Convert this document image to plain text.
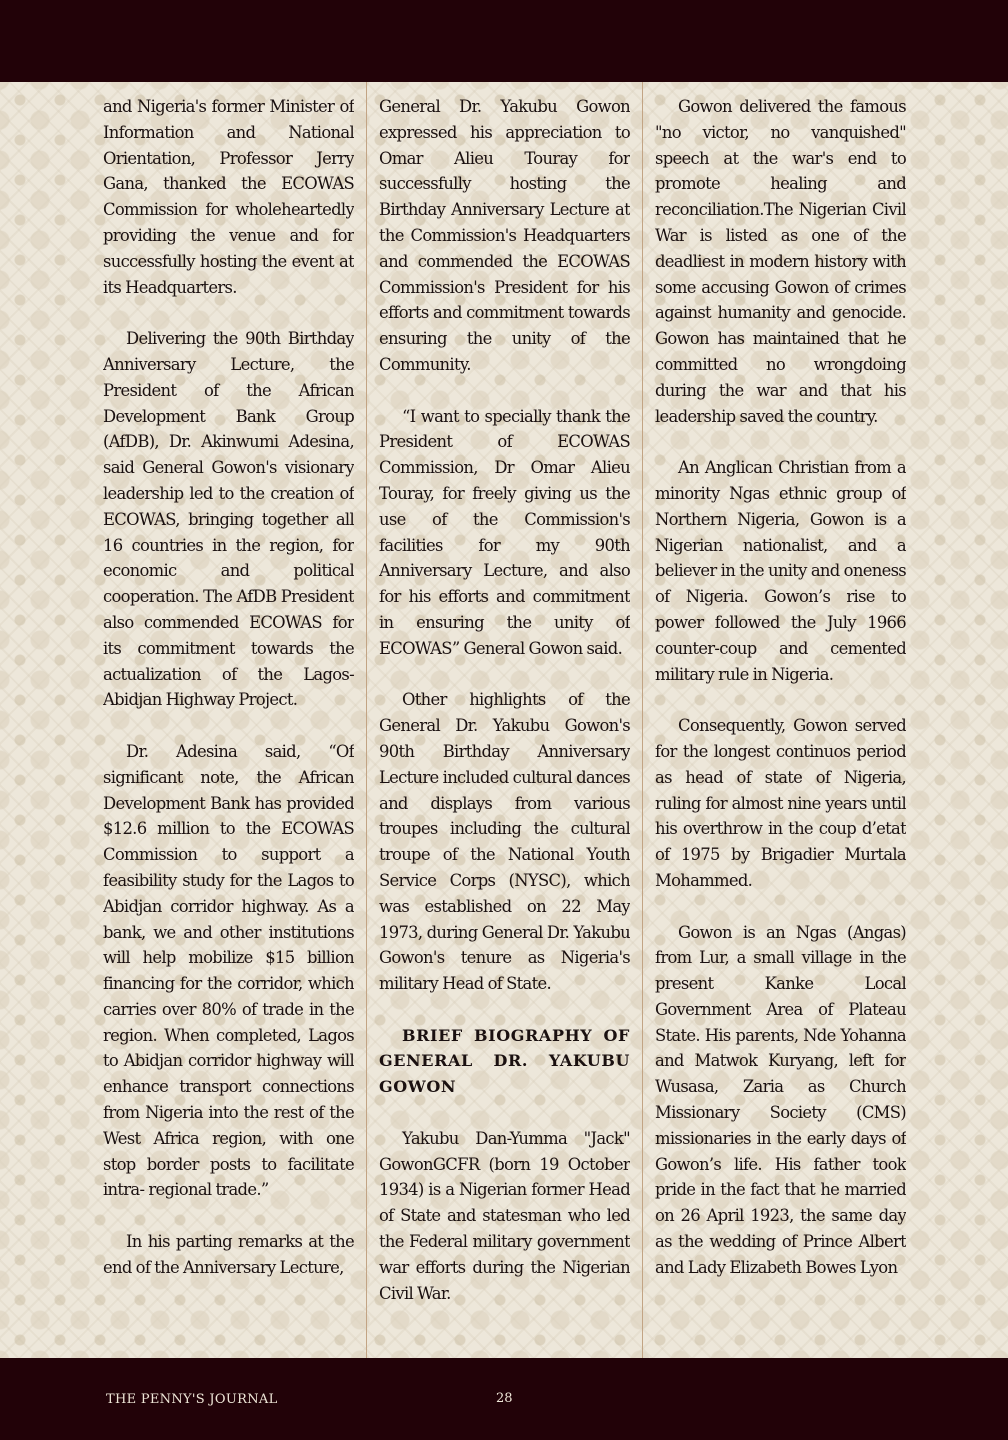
and Nigeria's former Minister of Information and National Orientation, Professor Jerry Gana, thanked the ECOWAS Commission for wholeheartedly providing the venue and for successfully hosting the event at its Headquarters.

Delivering the 90th Birthday Anniversary Lecture, the President of the African Development Bank Group (AfDB), Dr. Akinwumi Adesina, said General Gowon's visionary leadership led to the creation of ECOWAS, bringing together all 16 countries in the region, for economic and political cooperation. The AfDB President also commended ECOWAS for its commitment towards the actualization of the Lagos-Abidjan Highway Project.

Dr. Adesina said, “Of significant note, the African Development Bank has provided $12.6 million to the ECOWAS Commission to support a feasibility study for the Lagos to Abidjan corridor highway. As a bank, we and other institutions will help mobilize $15 billion financing for the corridor, which carries over 80% of trade in the region. When completed, Lagos to Abidjan corridor highway will enhance transport connections from Nigeria into the rest of the West Africa region, with one stop border posts to facilitate intra- regional trade.”

In his parting remarks at the end of the Anniversary Lecture,

General Dr. Yakubu Gowon expressed his appreciation to Omar Alieu Touray for successfully hosting the Birthday Anniversary Lecture at the Commission's Headquarters and commended the ECOWAS Commission's President for his efforts and commitment towards ensuring the unity of the Community.

“I want to specially thank the President of ECOWAS Commission, Dr Omar Alieu Touray, for freely giving us the use of the Commission's facilities for my 90th Anniversary Lecture, and also for his efforts and commitment in ensuring the unity of ECOWAS” General Gowon said.

Other highlights of the General Dr. Yakubu Gowon's 90th Birthday Anniversary Lecture included cultural dances and displays from various troupes including the cultural troupe of the National Youth Service Corps (NYSC), which was established on 22 May 1973, during General Dr. Yakubu Gowon's tenure as Nigeria's military Head of State.

BRIEF BIOGRAPHY OF GENERAL DR. YAKUBU GOWON

Yakubu Dan-Yumma "Jack" GowonGCFR (born 19 October 1934) is a Nigerian former Head of State and statesman who led the Federal military government war efforts during the Nigerian Civil War.

Gowon delivered the famous "no victor, no vanquished" speech at the war's end to promote healing and reconciliation.The Nigerian Civil War is listed as one of the deadliest in modern history with some accusing Gowon of crimes against humanity and genocide. Gowon has maintained that he committed no wrongdoing during the war and that his leadership saved the country.

An Anglican Christian from a minority Ngas ethnic group of Northern Nigeria, Gowon is a Nigerian nationalist, and a believer in the unity and oneness of Nigeria. Gowon’s rise to power followed the July 1966 counter-coup and cemented military rule in Nigeria.

Consequently, Gowon served for the longest continuos period as head of state of Nigeria, ruling for almost nine years until his overthrow in the coup d’etat of 1975 by Brigadier Murtala Mohammed.

Gowon is an Ngas (Angas) from Lur, a small village in the present Kanke Local Government Area of Plateau State. His parents, Nde Yohanna and Matwok Kuryang, left for Wusasa, Zaria as Church Missionary Society (CMS) missionaries in the early days of Gowon’s life. His father took pride in the fact that he married on 26 April 1923, the same day as the wedding of Prince Albert and Lady Elizabeth Bowes Lyon

THE PENNY'S JOURNAL	28
